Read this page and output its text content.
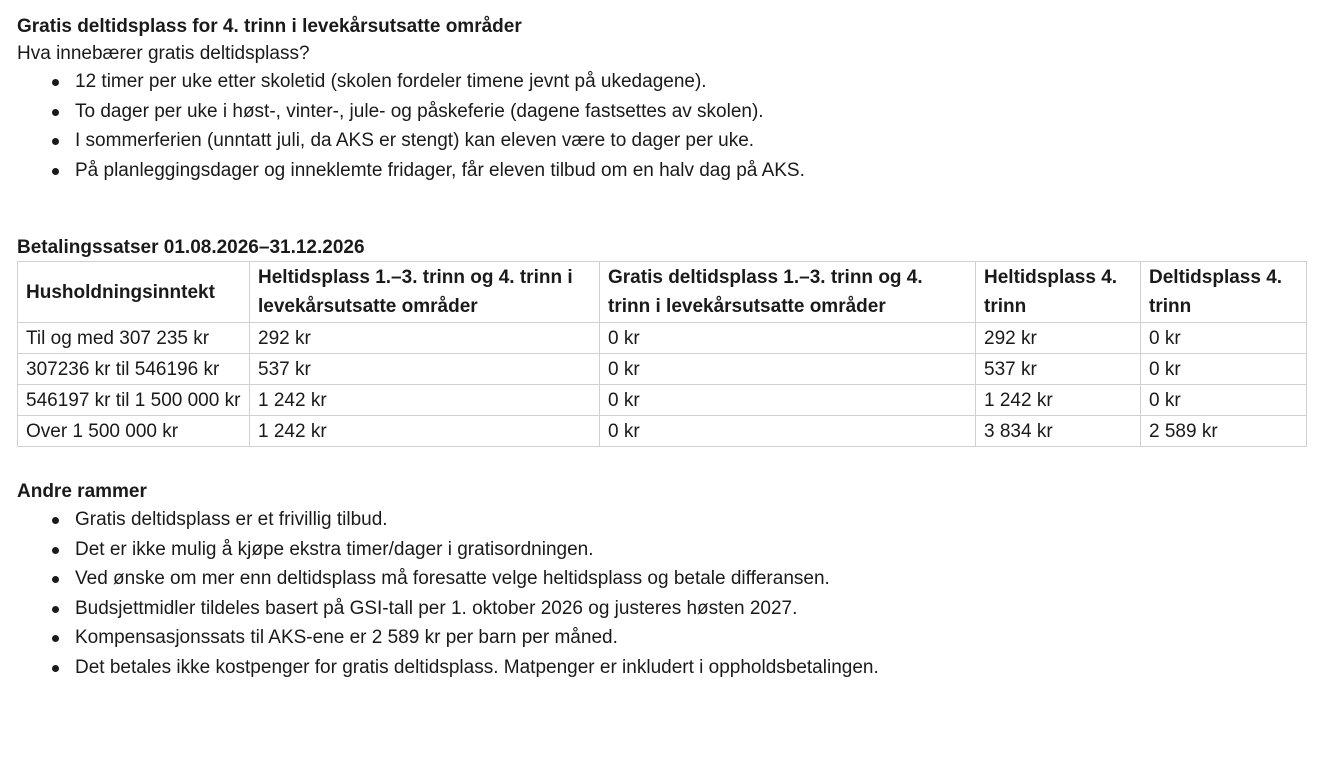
Gratis deltidsplass for 4. trinn i levekårsutsatte områder

Hva innebærer gratis deltidsplass?

12 timer per uke etter skoletid (skolen fordeler timene jevnt på ukedagene).
To dager per uke i høst-, vinter-, jule- og påskeferie (dagene fastsettes av skolen).
I sommerferien (unntatt juli, da AKS er stengt) kan eleven være to dager per uke.
På planleggingsdager og inneklemte fridager, får eleven tilbud om en halv dag på AKS.
Betalingssatser 01.08.2026–31.12.2026
Husholdningsinntekt	Heltidsplass 1.–3. trinn og 4. trinn i levekårsutsatte områder	Gratis deltidsplass 1.–3. trinn og 4. trinn i levekårsutsatte områder	Heltidsplass 4. trinn	Deltidsplass 4. trinn
Til og med 307 235 kr	292 kr	0 kr	292 kr	0 kr
307236 kr til 546196 kr	537 kr	0 kr	537 kr	0 kr
546197 kr til 1 500 000 kr	1 242 kr	0 kr	1 242 kr	0 kr
Over 1 500 000 kr	1 242 kr	0 kr	3 834 kr	2 589 kr
Andre rammer
Gratis deltidsplass er et frivillig tilbud.
Det er ikke mulig å kjøpe ekstra timer/dager i gratisordningen.
Ved ønske om mer enn deltidsplass må foresatte velge heltidsplass og betale differansen.
Budsjettmidler tildeles basert på GSI-tall per 1. oktober 2026 og justeres høsten 2027.
Kompensasjonssats til AKS-ene er 2 589 kr per barn per måned.
Det betales ikke kostpenger for gratis deltidsplass. Matpenger er inkludert i oppholdsbetalingen.
